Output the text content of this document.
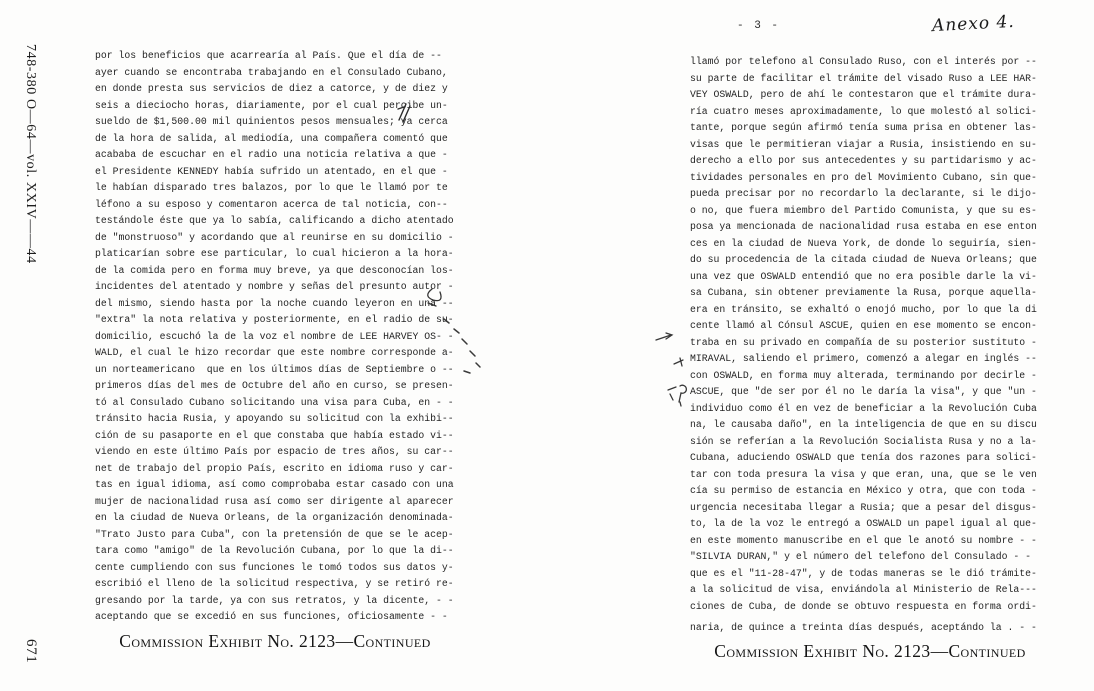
748-380 O—64—vol. XXIV——44
671
por los beneficios que acarrearía al País. Que el día de --
ayer cuando se encontraba trabajando en el Consulado Cubano,
en donde presta sus servicios de diez a catorce, y de diez y
seis a dieciocho horas, diariamente, por el cual percibe un-
sueldo de $1,500.00 mil quinientos pesos mensuales; ya cerca
de la hora de salida, al mediodía, una compañera comentó que
acababa de escuchar en el radio una noticia relativa a que -
el Presidente KENNEDY había sufrido un atentado, en el que -
le habían disparado tres balazos, por lo que le llamó por te
léfono a su esposo y comentaron acerca de tal noticia, con--
testándole éste que ya lo sabía, calificando a dicho atentado
de "monstruoso" y acordando que al reunirse en su domicilio -
platicarían sobre ese particular, lo cual hicieron a la hora-
de la comida pero en forma muy breve, ya que desconocían los-
incidentes del atentado y nombre y señas del presunto autor -
del mismo, siendo hasta por la noche cuando leyeron en una --
"extra" la nota relativa y posteriormente, en el radio de su-
domicilio, escuchó la de la voz el nombre de LEE HARVEY OS- -
WALD, el cual le hizo recordar que este nombre corresponde a-
un norteamericano  que en los últimos días de Septiembre o --
primeros días del mes de Octubre del año en curso, se presen-
tó al Consulado Cubano solicitando una visa para Cuba, en - -
tránsito hacia Rusia, y apoyando su solicitud con la exhibi--
ción de su pasaporte en el que constaba que había estado vi--
viendo en este último País por espacio de tres años, su car--
net de trabajo del propio País, escrito en idioma ruso y car-
tas en igual idioma, así como comprobaba estar casado con una
mujer de nacionalidad rusa así como ser dirigente al aparecer
en la ciudad de Nueva Orleans, de la organización denominada-
"Trato Justo para Cuba", con la pretensión de que se le acep-
tara como "amigo" de la Revolución Cubana, por lo que la di--
cente cumpliendo con sus funciones le tomó todos sus datos y-
escribió el lleno de la solicitud respectiva, y se retiró re-
gresando por la tarde, ya con sus retratos, y la dicente, - -
aceptando que se excedió en sus funciones, oficiosamente - -
Commission Exhibit No. 2123—Continued
- 3 -	Anexo 4.
llamó por telefono al Consulado Ruso, con el interés por --
su parte de facilitar el trámite del visado Ruso a LEE HAR-
VEY OSWALD, pero de ahí le contestaron que el trámite dura-
ría cuatro meses aproximadamente, lo que molestó al solici-
tante, porque según afirmó tenía suma prisa en obtener las-
visas que le permitieran viajar a Rusia, insistiendo en su-
derecho a ello por sus antecedentes y su partidarismo y ac-
tividades personales en pro del Movimiento Cubano, sin que-
pueda precisar por no recordarlo la declarante, si le dijo-
o no, que fuera miembro del Partido Comunista, y que su es-
posa ya mencionada de nacionalidad rusa estaba en ese enton
ces en la ciudad de Nueva York, de donde lo seguiría, sien-
do su procedencia de la citada ciudad de Nueva Orleans; que
una vez que OSWALD entendió que no era posible darle la vi-
sa Cubana, sin obtener previamente la Rusa, porque aquella-
era en tránsito, se exhaltó o enojó mucho, por lo que la di
cente llamó al Cónsul ASCUE, quien en ese momento se encon-
traba en su privado en compañía de su posterior sustituto -
MIRAVAL, saliendo el primero, comenzó a alegar en inglés --
con OSWALD, en forma muy alterada, terminando por decirle -
ASCUE, que "de ser por él no le daría la visa", y que "un -
individuo como él en vez de beneficiar a la Revolución Cuba
na, le causaba daño", en la inteligencia de que en su discu
sión se referían a la Revolución Socialista Rusa y no a la-
Cubana, aduciendo OSWALD que tenía dos razones para solici-
tar con toda presura la visa y que eran, una, que se le ven
cía su permiso de estancia en México y otra, que con toda -
urgencia necesitaba llegar a Rusia; que a pesar del disgus-
to, la de la voz le entregó a OSWALD un papel igual al que-
en este momento manuscribe en el que le anotó su nombre - -
"SILVIA DURAN," y el número del telefono del Consulado - -
que es el "11-28-47", y de todas maneras se le dió trámite-
a la solicitud de visa, enviándola al Ministerio de Rela---
ciones de Cuba, de donde se obtuvo respuesta en forma ordi-
naria, de quince a treinta días después, aceptándo la . - -
Commission Exhibit No. 2123—Continued
